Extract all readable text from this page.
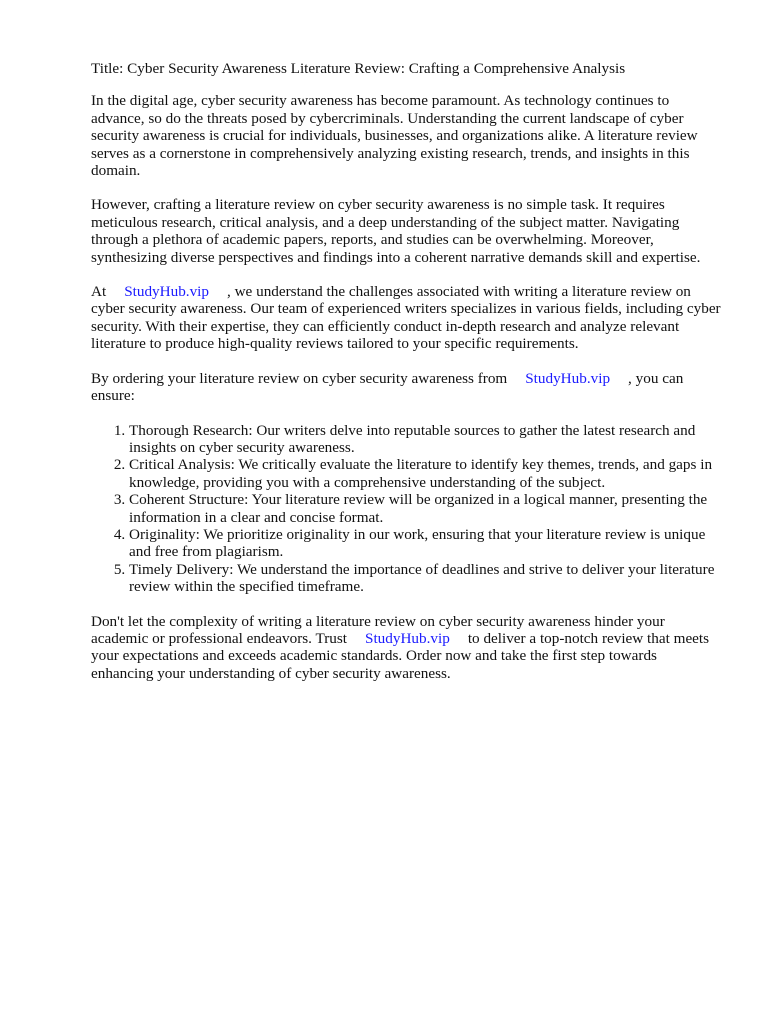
Title: Cyber Security Awareness Literature Review: Crafting a Comprehensive Analysis

In the digital age, cyber security awareness has become paramount. As technology continues to advance, so do the threats posed by cybercriminals. Understanding the current landscape of cyber security awareness is crucial for individuals, businesses, and organizations alike. A literature review serves as a cornerstone in comprehensively analyzing existing research, trends, and insights in this domain.

However, crafting a literature review on cyber security awareness is no simple task. It requires meticulous research, critical analysis, and a deep understanding of the subject matter. Navigating through a plethora of academic papers, reports, and studies can be overwhelming. Moreover, synthesizing diverse perspectives and findings into a coherent narrative demands skill and expertise.

At StudyHub.vip , we understand the challenges associated with writing a literature review on cyber security awareness. Our team of experienced writers specializes in various fields, including cyber security. With their expertise, they can efficiently conduct in-depth research and analyze relevant literature to produce high-quality reviews tailored to your specific requirements.

By ordering your literature review on cyber security awareness from StudyHub.vip , you can ensure:

1. Thorough Research: Our writers delve into reputable sources to gather the latest research and insights on cyber security awareness.
2. Critical Analysis: We critically evaluate the literature to identify key themes, trends, and gaps in knowledge, providing you with a comprehensive understanding of the subject.
3. Coherent Structure: Your literature review will be organized in a logical manner, presenting the information in a clear and concise format.
4. Originality: We prioritize originality in our work, ensuring that your literature review is unique and free from plagiarism.
5. Timely Delivery: We understand the importance of deadlines and strive to deliver your literature review within the specified timeframe.

Don't let the complexity of writing a literature review on cyber security awareness hinder your academic or professional endeavors. Trust StudyHub.vip to deliver a top-notch review that meets your expectations and exceeds academic standards. Order now and take the first step towards enhancing your understanding of cyber security awareness.
